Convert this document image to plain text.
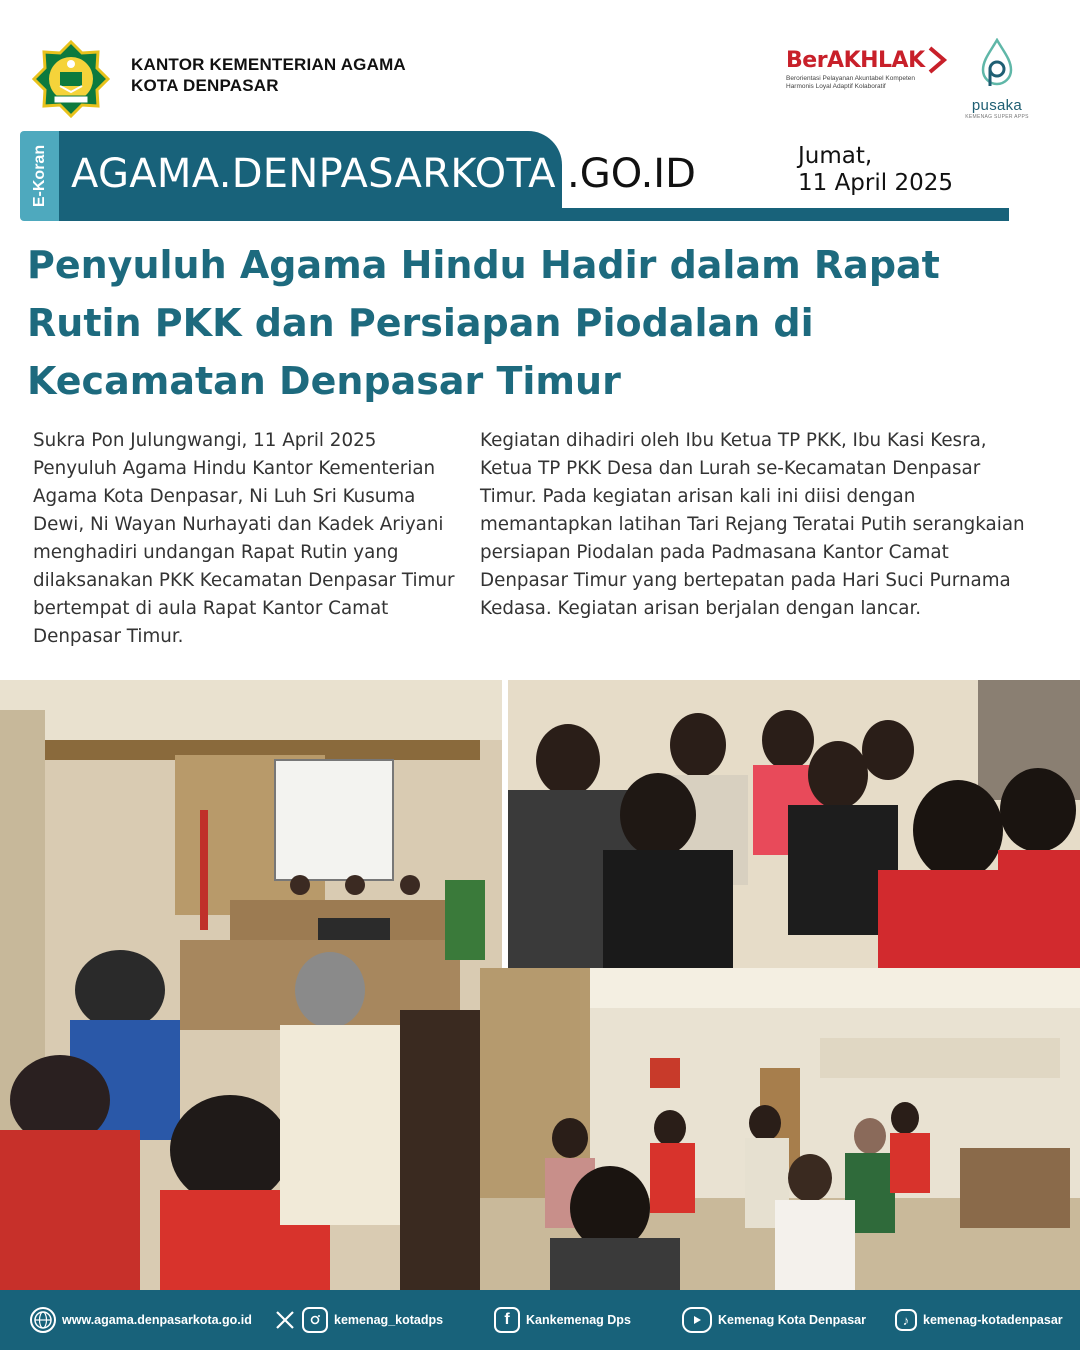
KANTOR KEMENTERIAN AGAMA
KOTA DENPASAR
BerAKHLAK
Berorientasi Pelayanan Akuntabel Kompeten
Harmonis Loyal Adaptif Kolaboratif
pusaka
KEMENAG SUPER APPS
E-Koran AGAMA.DENPASARKOTA .GO.ID	Jumat,
11 April 2025
Penyuluh Agama Hindu Hadir dalam Rapat Rutin PKK dan Persiapan Piodalan di Kecamatan Denpasar Timur

Sukra Pon Julungwangi, 11 April 2025 Penyuluh Agama Hindu Kantor Kementerian Agama Kota Denpasar, Ni Luh Sri Kusuma Dewi, Ni Wayan Nurhayati dan Kadek Ariyani menghadiri undangan Rapat Rutin yang dilaksanakan PKK Kecamatan Denpasar Timur bertempat di aula Rapat Kantor Camat Denpasar Timur.

Kegiatan dihadiri oleh Ibu Ketua TP PKK, Ibu Kasi Kesra, Ketua TP PKK Desa dan Lurah se-Kecamatan Denpasar Timur. Pada kegiatan arisan kali ini diisi dengan memantapkan latihan Tari Rejang Teratai Putih serangkaian persiapan Piodalan pada Padmasana Kantor Camat Denpasar Timur yang bertepatan pada Hari Suci Purnama Kedasa. Kegiatan arisan berjalan dengan lancar.

www.agama.denpasarkota.go.id	kemenag_kotadps	f	Kankemenag Dps	Kemenag Kota Denpasar	♪	kemenag-kotadenpasar
